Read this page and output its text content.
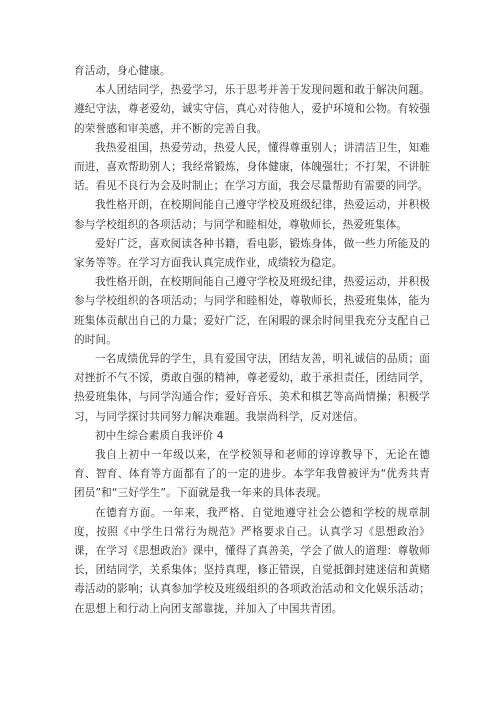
育活动，身心健康。

本人团结同学，热爱学习，乐于思考并善于发现问题和敢于解决问题。遵纪守法，尊老爱幼，诚实守信，真心对待他人，爱护环境和公物。有较强的荣誉感和审美感，并不断的完善自我。

我热爱祖国，热爱劳动，热爱人民，懂得尊重别人；讲清洁卫生，知难而进，喜欢帮助别人；我经常锻炼，身体健康，体魄强壮；不打架，不讲脏话。看见不良行为会及时制止；在学习方面，我会尽量帮助有需要的同学。

我性格开朗，在校期间能自己遵守学校及班级纪律，热爱运动，并积极参与学校组织的各项活动；与同学和睦相处，尊敬师长，热爱班集体。

爱好广泛，喜欢阅读各种书籍，看电影，锻炼身体，做一些力所能及的家务等等。在学习方面我认真完成作业，成绩较为稳定。

我性格开朗，在校期间能自己遵守学校及班级纪律，热爱运动，并积极参与学校组织的各项活动；与同学和睦相处，尊敬师长，热爱班集体，能为班集体贡献出自己的力量；爱好广泛，在闲暇的课余时间里我充分支配自己的时间。

一名成绩优异的学生，具有爱国守法，团结友善，明礼诚信的品质；面对挫折不气不馁，勇敢自强的精神，尊老爱幼，敢于承担责任，团结同学，热爱班集体，与同学沟通合作；爱好音乐、美术和棋艺等高尚情操；积极学习，与同学探讨共同努力解决难题。我崇尚科学，反对迷信。

初中生综合素质自我评价 4

我自上初中一年级以来，在学校领导和老师的谆谆教导下，无论在德育、智育、体育等方面都有了的一定的进步。本学年我曾被评为“优秀共青团员”和“三好学生”。下面就是我一年来的具体表现。

在德育方面。一年来，我严格、自觉地遵守社会公德和学校的规章制度，按照《中学生日常行为规范》严格要求自己。认真学习《思想政治》课，在学习《思想政治》课中，懂得了真善美，学会了做人的道理：尊敬师长，团结同学，关系集体；坚持真理，修正错误，自觉抵御封建迷信和黄赌毒活动的影响；认真参加学校及班级组织的各项政治活动和文化娱乐活动；在思想上和行动上向团支部靠拢，并加入了中国共青团。
